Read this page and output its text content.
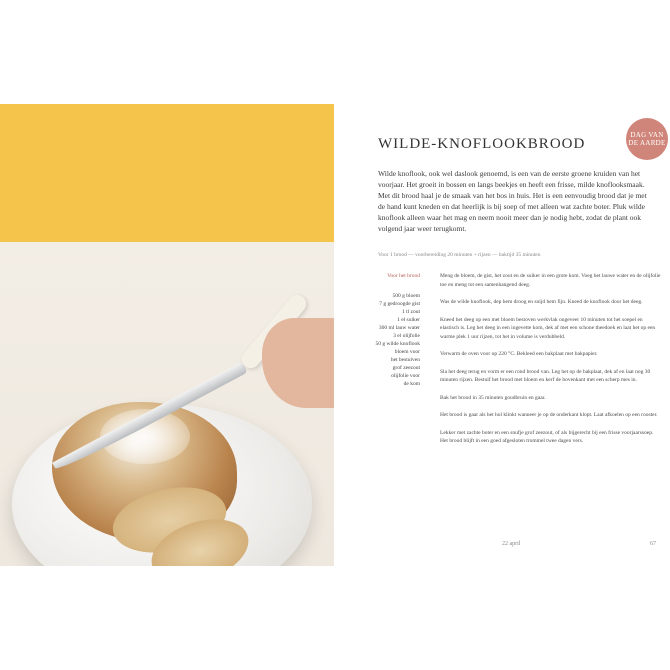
DAG VAN DE AARDE
WILDE-KNOFLOOKBROOD

Wilde knoflook, ook wel daslook genoemd, is een van de eerste groene kruiden van het voorjaar. Het groeit in bossen en langs beekjes en heeft een frisse, milde knoflooksmaak. Met dit brood haal je de smaak van het bos in huis. Het is een eenvoudig brood dat je met de hand kunt kneden en dat heerlijk is bij soep of met alleen wat zachte boter. Pluk wilde knoflook alleen waar het mag en neem nooit meer dan je nodig hebt, zodat de plant ook volgend jaar weer terugkomt.

Voor 1 brood — voorbereiding 20 minuten + rijzen — baktijd 35 minuten

Voor het brood
500 g bloem
7 g gedroogde gist
1 tl zout
1 el suiker
300 ml lauw water
3 el olijfolie
50 g wilde knoflook
bloem voor
het bestuiven
grof zeezout
olijfolie voor
de kom

Meng de bloem, de gist, het zout en de suiker in een grote kom. Voeg het lauwe water en de olijfolie toe en meng tot een samenhangend deeg.

Was de wilde knoflook, dep hem droog en snijd hem fijn. Kneed de knoflook door het deeg.

Kneed het deeg op een met bloem bestoven werkvlak ongeveer 10 minuten tot het soepel en elastisch is. Leg het deeg in een ingevette kom, dek af met een schone theedoek en laat het op een warme plek 1 uur rijzen, tot het in volume is verdubbeld.

Verwarm de oven voor op 220 °C. Bekleed een bakplaat met bakpapier.

Sla het deeg terug en vorm er een rond brood van. Leg het op de bakplaat, dek af en laat nog 30 minuten rijzen. Bestuif het brood met bloem en kerf de bovenkant met een scherp mes in.

Bak het brood in 35 minuten goudbruin en gaar.

Het brood is gaar als het hol klinkt wanneer je op de onderkant klopt. Laat afkoelen op een rooster.

Lekker met zachte boter en een snufje grof zeezout, of als bijgerecht bij een frisse voorjaarssoep. Het brood blijft in een goed afgesloten trommel twee dagen vers.

22 april	67
